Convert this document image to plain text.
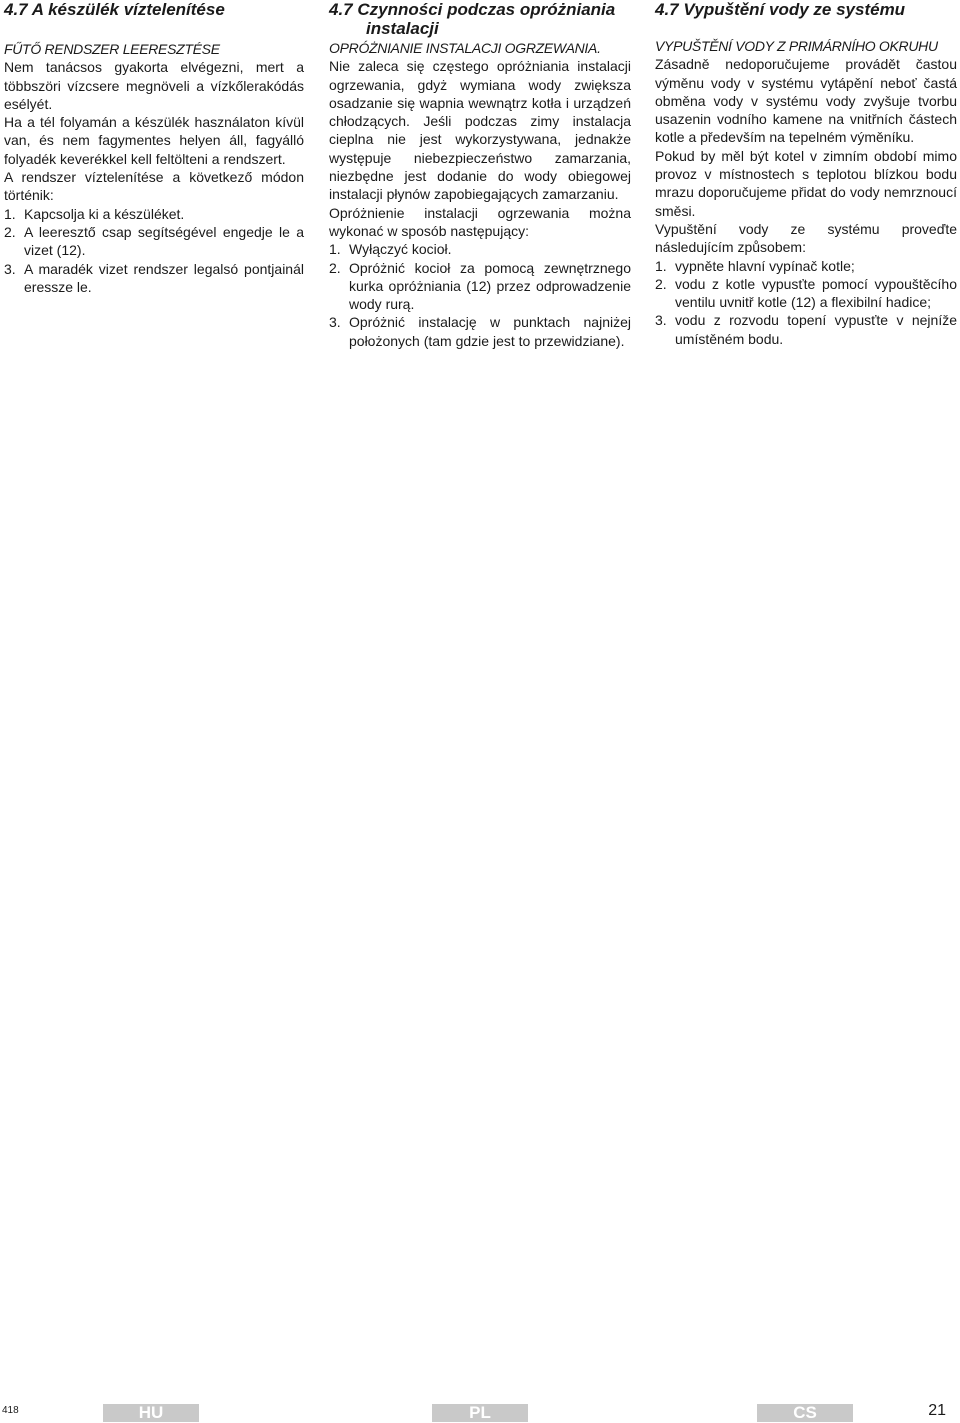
4.7 A készülék víztelenítése
FŰTŐ RENDSZER LEERESZTÉSE

Nem tanácsos gyakorta elvégezni, mert a többszöri vízcsere megnöveli a vízkőlerakódás esélyét.

Ha a tél folyamán a készülék használaton kívül van, és nem fagymentes helyen áll, fagyálló folyadék keverékkel kell feltölteni a rendszert.

A rendszer víztelenítése a következő módon történik:

1. Kapcsolja ki a készüléket.
2. A leeresztő csap segítségével engedje le a vizet (12).
3. A maradék vizet rendszer legalsó pontjainál eressze le.
4.7 Czynności podczas opróżniania
instalacji
OPRÓŻNIANIE INSTALACJI OGRZEWANIA.

Nie zaleca się częstego opróżniania instalacji ogrzewania, gdyż wymiana wody zwiększa osadzanie się wapnia wewnątrz kotła i urządzeń chłodzących. Jeśli podczas zimy instalacja cieplna nie jest wykorzystywana, jednakże występuje niebezpieczeństwo zamarzania, niezbędne jest dodanie do wody obiegowej instalacji płynów zapobiegających zamarzaniu.

Opróżnienie instalacji ogrzewania można wykonać w sposób następujący:

1. Wyłączyć kocioł.
2. Opróżnić kocioł za pomocą zewnętrznego kurka opróżniania (12) przez odprowadzenie wody rurą.
3. Opróżnić instalację w punktach najniżej położonych (tam gdzie jest to przewidziane).
4.7 Vypuštění vody ze systému
VYPUŠTĚNÍ VODY Z PRIMÁRNÍHO OKRUHU

Zásadně nedoporučujeme provádět častou výměnu vody v systému vytápění neboť častá obměna vody v systému vody zvyšuje tvorbu usazenin vodního kamene na vnitřních částech kotle a především na tepelném výměníku.

Pokud by měl být kotel v zimním období mimo provoz v místnostech s teplotou blízkou bodu mrazu doporučujeme přidat do vody nemrznoucí směsi.

Vypuštění vody ze systému proveďte následujícím způsobem:

1. vypněte hlavní vypínač kotle;
2. vodu z kotle vypusťte pomocí vypouštěcího ventilu uvnitř kotle (12) a flexibilní hadice;
3. vodu z rozvodu topení vypusťte v nejníže umístěném bodu.
418	HU	PL	CS	21
